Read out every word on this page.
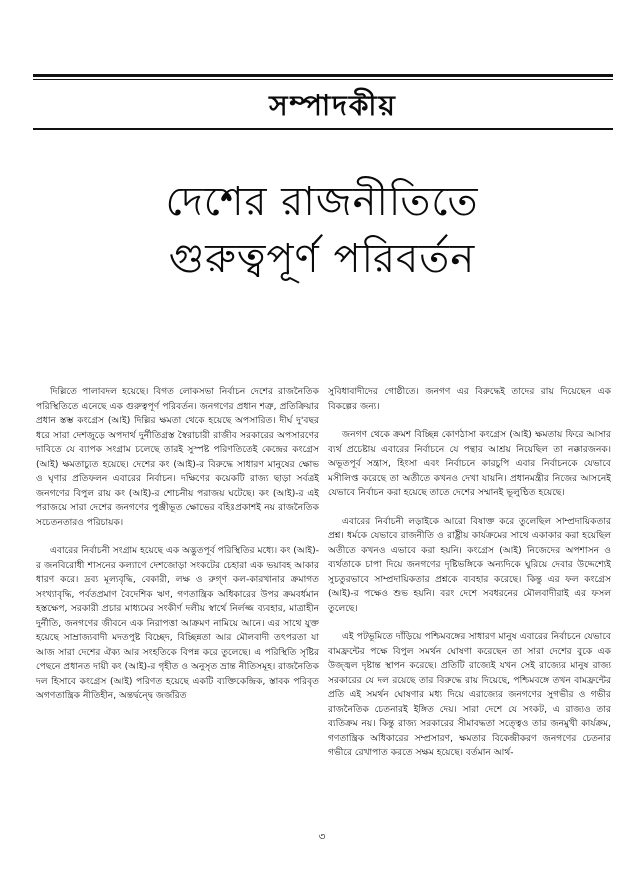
সম্পাদকীয়
দেশের রাজনীতিতে
গুরুত্বপূর্ণ পরিবর্তন

দিল্লিতে পালাবদল হয়েছে। বিগত লোকসভা নির্বাচন দেশের রাজনৈতিক পরিস্থিতিতে এনেছে এক গুরুত্বপূর্ণ পরিবর্তন। জনগণের প্রধান শত্রু, প্রতিক্রিয়ার প্রধান স্তম্ভ কংগ্রেস (আই) দিল্লির ক্ষমতা থেকে হয়েছে অপসারিত। দীর্ঘ দু'বছর ধরে সারা দেশজুড়ে অপদার্থ দুর্নীতিগ্রস্ত স্বৈরাচারী রাজীব সরকারের অপসারণের দাবিতে যে ব্যাপক সংগ্রাম চলেছে তারই সুস্পষ্ট পরিণতিতেই কেন্দ্রের কংগ্রেস (আই) ক্ষমতাচ্যুত হয়েছে। দেশের কং (আই)-র বিরুদ্ধে সাধারণ মানুষের ক্ষোভ ও ঘৃণার প্রতিফলন এবারের নির্বাচন। দক্ষিণের কয়েকটি রাজ্য ছাড়া সর্বত্রই জনগণের বিপুল রায় কং (আই)-র শোচনীয় পরাজয় ঘটেছে। কং (আই)-র এই পরাজয়ে সারা দেশের জনগণের পুঞ্জীভূত ক্ষোভের বহিঃপ্রকাশই নয় রাজনৈতিক সচেতনতারও পরিচায়ক।

এবারের নির্বাচনী সংগ্রাম হয়েছে এক অদ্ভুতপূর্ব পরিস্থিতির মধ্যে। কং (আই)-র জনবিরোধী শাসনের কল্যাণে দেশজোড়া সংকটের চেহারা এক ভয়াবহ আকার ধারণ করে। দ্রব্য মূল্যবৃদ্ধি, বেকারী, লক্ষ ও রুগ্ণ কল-কারখানার ক্রমাগত সংখ্যাবৃদ্ধি, পর্বতপ্রমাণ বৈদেশিক ঋণ, গণতান্ত্রিক অধিকারের উপর ক্রমবর্ধমান হস্তক্ষেপ, সরকারী প্রচার মাধ্যমের সংকীর্ণ দলীয় স্বার্থে নির্লজ্জ ব্যবহার, মাত্রাহীন দুর্নীতি, জনগণের জীবনে এক নিরাপত্তা আক্রমণ নামিয়ে আনে। এর সাথে যুক্ত হয়েছে সাম্রাজ্যবাদী মদতপুষ্ট বিচ্ছেদ, বিচ্ছিন্নতা আর মৌলবাদী তৎপরতা যা আজ সারা দেশের ঐক্য আর সংহতিকে বিপন্ন করে তুলেছে। এ পরিস্থিতি সৃষ্টির পেছনে প্রধানত দায়ী কং (আই)-র গৃহীত ও অনুসৃত ভ্রান্ত নীতিসমূহ। রাজনৈতিক দল হিসাবে কংগ্রেস (আই) পরিণত হয়েছে একটি ব্যক্তিকেন্দ্রিক, স্তাবক পরিবৃত অগণতান্ত্রিক নীতিহীন, অন্তর্দ্বন্দ্বে জর্জরিত

সুবিধাবাদীদের গোষ্ঠীতে। জনগণ এর বিরুদ্ধেই তাদের রায় দিয়েছেন এক বিকল্পের জন্য।

জনগণ থেকে ক্রমশ বিচ্ছিন্ন কোণঠাসা কংগ্রেস (আই) ক্ষমতায় ফিরে আসার ব্যর্থ প্রচেষ্টায় এবারের নির্বাচনে যে পন্থার আশ্রয় নিয়েছিল তা নক্কারজনক। অভূতপূর্ব সন্ত্রাস, হিংসা এবং নির্বাচনে কারচুপি এবার নির্বাচনকে যেভাবে মসীলিপ্ত করেছে তা অতীতে কখনও দেখা যায়নি। প্রধানমন্ত্রীর নিজের আসনেই যেভাবে নির্বাচন করা হয়েছে তাতে দেশের সম্মানই ভূলুণ্ঠিত হয়েছে।

এবারের নির্বাচনী লড়াইকে আরো বিষাক্ত করে তুলেছিল সাম্প্রদায়িকতার প্রশ্ন। ধর্মকে যেভাবে রাজনীতি ও রাষ্ট্রীয় কার্যক্রমের সাথে একাকার করা হয়েছিল অতীতে কখনও এভাবে করা হয়নি। কংগ্রেস (আই) নিজেদের অপশাসন ও ব্যর্থতাকে চাপা দিয়ে জনগণের দৃষ্টিভঙ্গিকে অন্যদিকে ঘুরিয়ে দেবার উদ্দেশ্যেই সুচতুরভাবে সাম্প্রদায়িকতার প্রশ্নকে ব্যবহার করেছে। কিন্তু এর ফল কংগ্রেস (আই)-র পক্ষেও শুভ হয়নি। বরং দেশে সবধরনের মৌলবাদীরাই এর ফসল তুলেছে।

এই পটভূমিতে দাঁড়িয়ে পশ্চিমবঙ্গের সাধারণ মানুষ এবারের নির্বাচনে যেভাবে বামফ্রন্টের পক্ষে বিপুল সমর্থন ঘোষণা করেছেন তা সারা দেশের বুকে এক উজ্জ্বল দৃষ্টান্ত স্থাপন করেছে। প্রতিটি রাজ্যেই যখন সেই রাজ্যের মানুষ রাজ্য সরকারের যে দল রয়েছে তার বিরুদ্ধে রায় দিয়েছে, পশ্চিমবঙ্গে তখন বামফ্রন্টের প্রতি এই সমর্থন ঘোষণার মধ্য দিয়ে এরাজ্যের জনগণের সুগভীর ও গভীর রাজনৈতিক চেতনারই ইঙ্গিত দেয়। সারা দেশে যে সংকট, এ রাজ্যও তার ব্যতিক্রম নয়। কিন্তু রাজ্য সরকারের সীমাবদ্ধতা সত্ত্বেও তার জনমুখী কার্যক্রম, গণতান্ত্রিক অধিকারের সম্প্রসারণ, ক্ষমতার বিকেন্দ্রীকরণ জনগণের চেতনার গভীরে রেখাপাত করতে সক্ষম হয়েছে। বর্তমান আর্থ-

৩
